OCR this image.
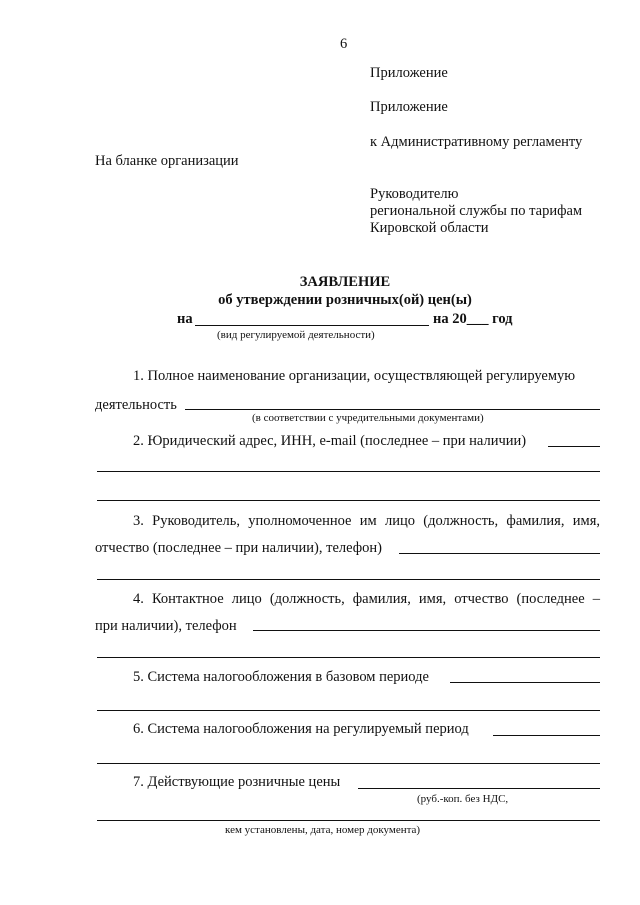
6
Приложение
Приложение
к Административному регламенту
На бланке организации
Руководителю
региональной службы по тарифам
Кировской области
ЗАЯВЛЕНИЕ
об утверждении розничных(ой) цен(ы)
на	на 20___ год
(вид регулируемой деятельности)
1. Полное наименование организации, осуществляющей регулируемую
деятельность
(в соответствии с учредительными документами)
2. Юридический адрес, ИНН, e-mail (последнее – при наличии)
3. Руководитель, уполномоченное им лицо (должность, фамилия, имя,
отчество (последнее – при наличии), телефон)
4. Контактное лицо (должность, фамилия, имя, отчество (последнее –
при наличии), телефон
5. Система налогообложения в базовом периоде
6. Система налогообложения на регулируемый период
7. Действующие розничные цены
(руб.-коп. без НДС,
кем установлены, дата, номер документа)
